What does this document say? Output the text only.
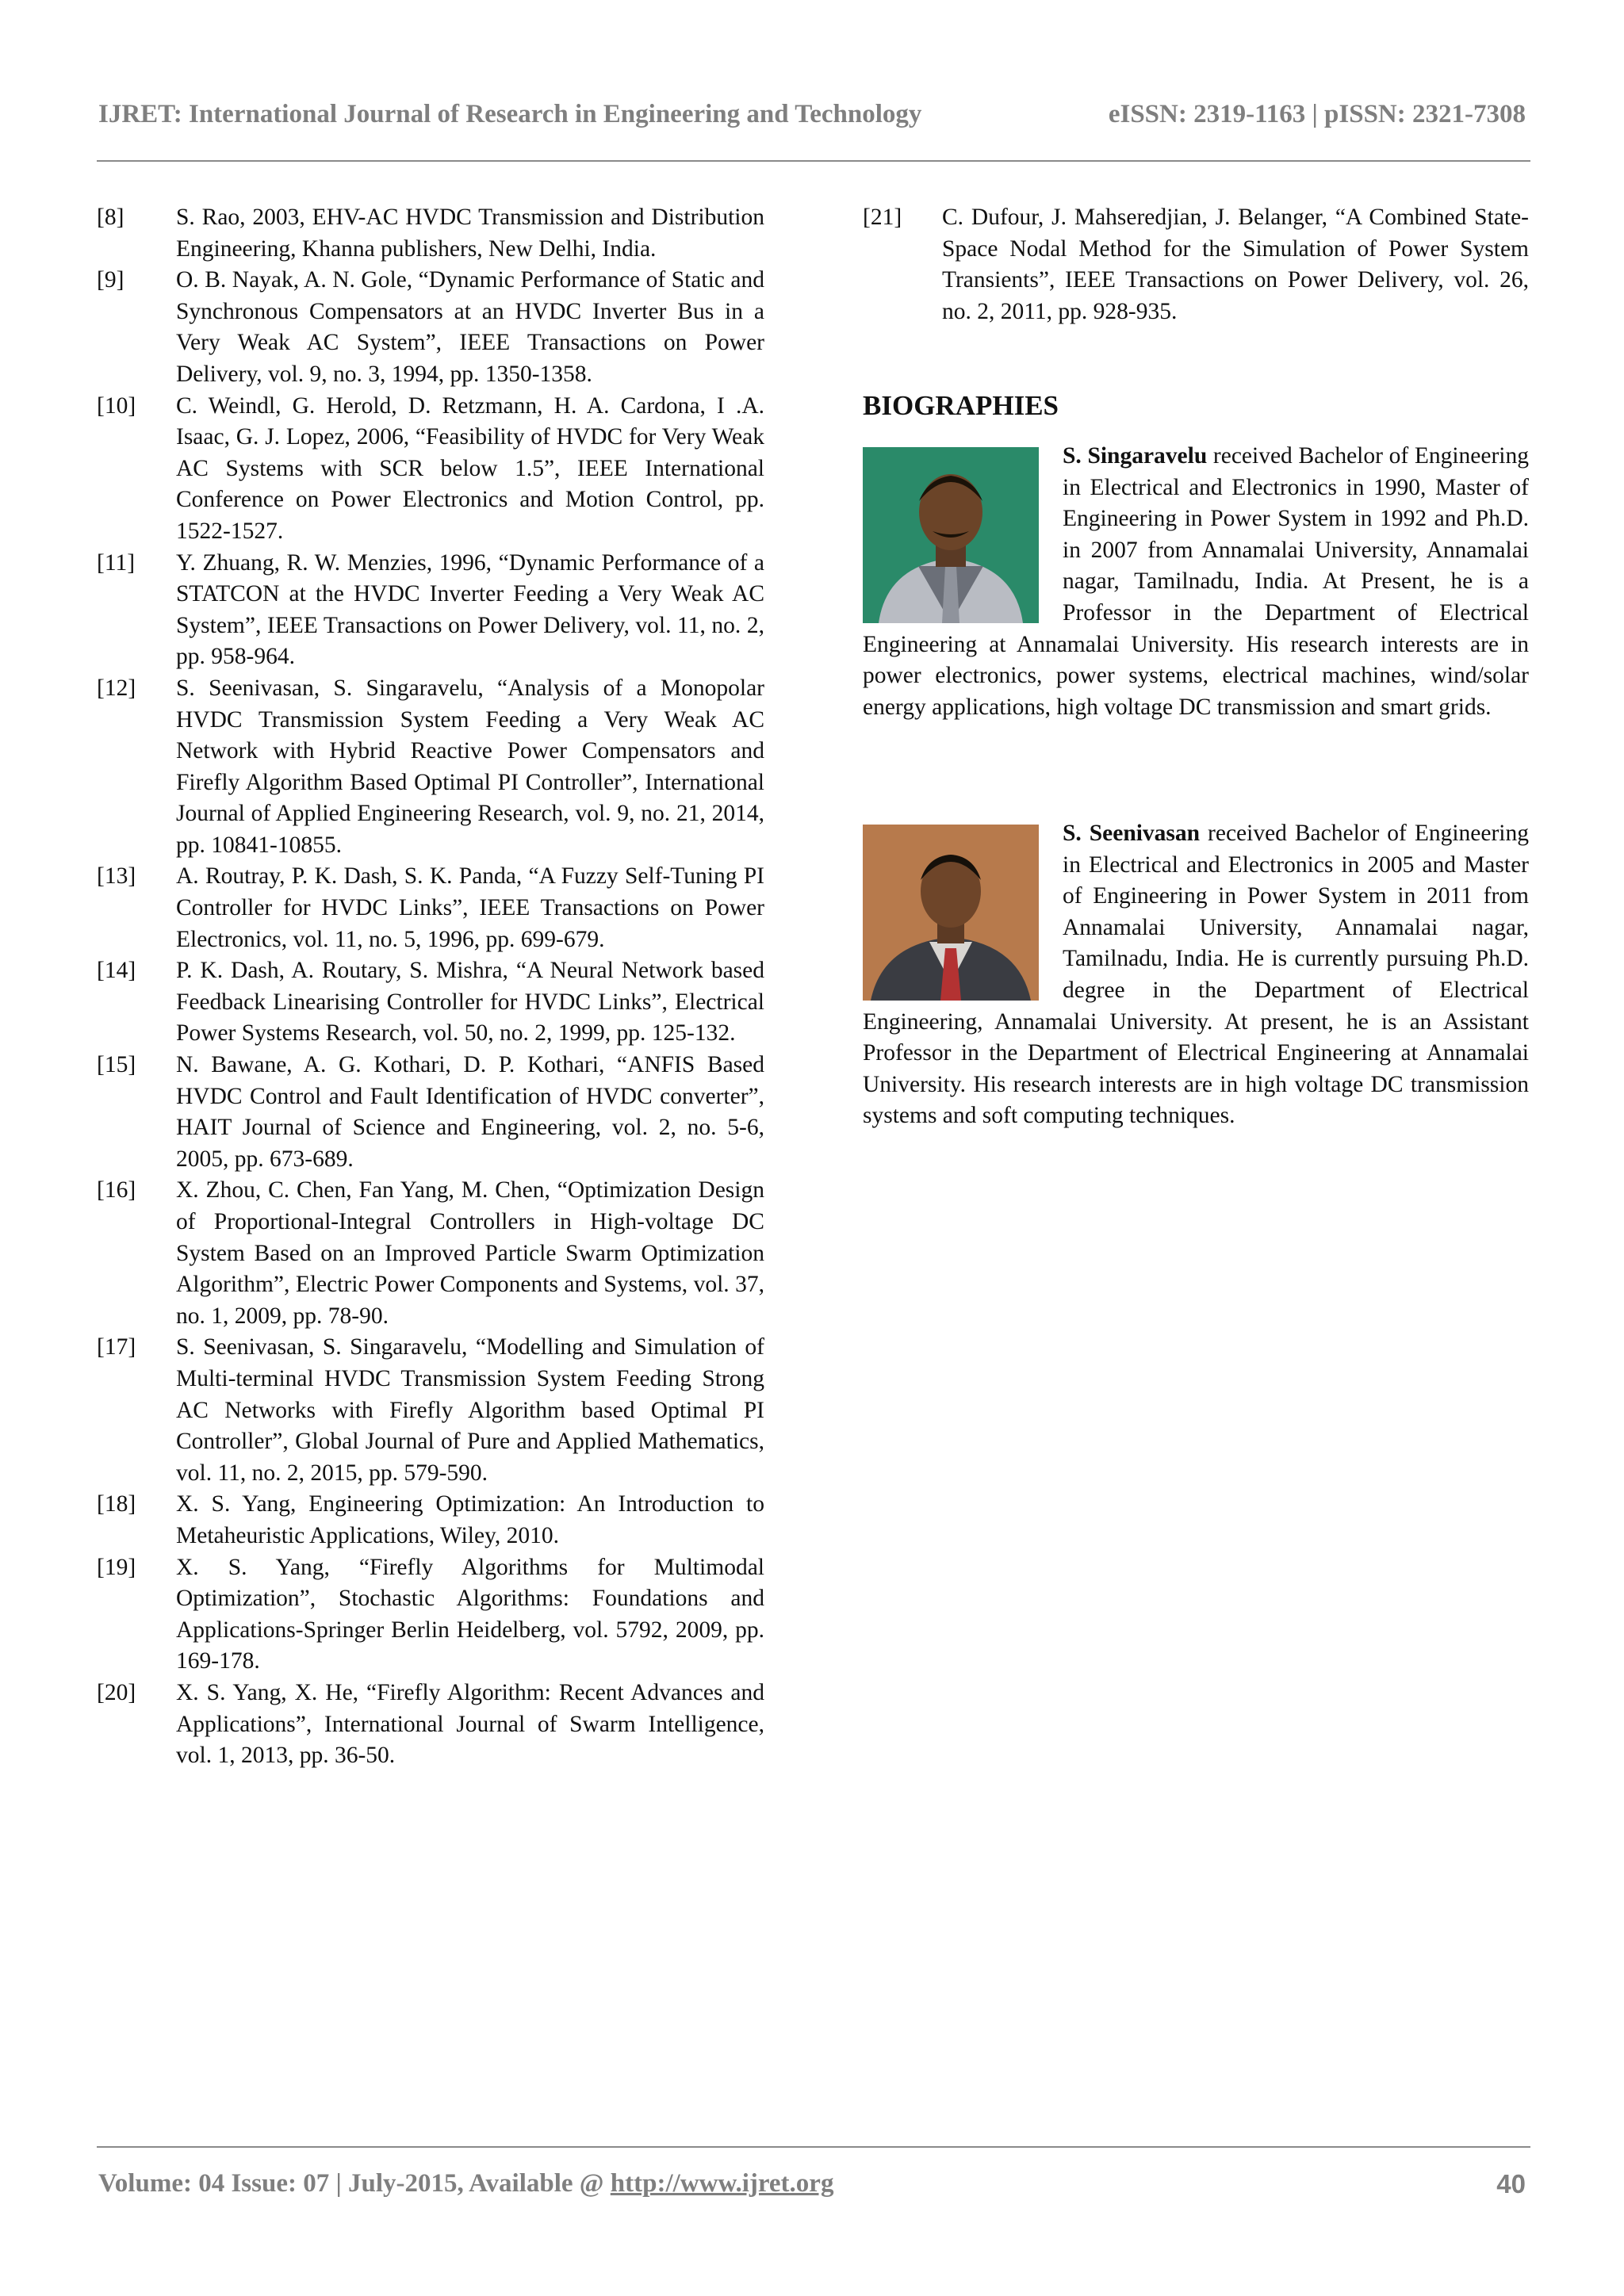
IJRET: International Journal of Research in Engineering and Technology	eISSN: 2319-1163 | pISSN: 2321-7308
[8]	S. Rao, 2003, EHV-AC HVDC Transmission and Distribution Engineering, Khanna publishers, New Delhi, India.
[9]	O. B. Nayak, A. N. Gole, “Dynamic Performance of Static and Synchronous Compensators at an HVDC Inverter Bus in a Very Weak AC System”, IEEE Transactions on Power Delivery, vol. 9, no. 3, 1994, pp. 1350-1358.
[10]	C. Weindl, G. Herold, D. Retzmann, H. A. Cardona, I .A. Isaac, G. J. Lopez, 2006, “Feasibility of HVDC for Very Weak AC Systems with SCR below 1.5”, IEEE International Conference on Power Electronics and Motion Control, pp. 1522-1527.
[11]	Y. Zhuang, R. W. Menzies, 1996, “Dynamic Performance of a STATCON at the HVDC Inverter Feeding a Very Weak AC System”, IEEE Transactions on Power Delivery, vol. 11, no. 2, pp. 958-964.
[12]	S. Seenivasan, S. Singaravelu, “Analysis of a Monopolar HVDC Transmission System Feeding a Very Weak AC Network with Hybrid Reactive Power Compensators and Firefly Algorithm Based Optimal PI Controller”, International Journal of Applied Engineering Research, vol. 9, no. 21, 2014, pp. 10841-10855.
[13]	A. Routray, P. K. Dash, S. K. Panda, “A Fuzzy Self-Tuning PI Controller for HVDC Links”, IEEE Transactions on Power Electronics, vol. 11, no. 5, 1996, pp. 699-679.
[14]	P. K. Dash, A. Routary, S. Mishra, “A Neural Network based Feedback Linearising Controller for HVDC Links”, Electrical Power Systems Research, vol. 50, no. 2, 1999, pp. 125-132.
[15]	N. Bawane, A. G. Kothari, D. P. Kothari, “ANFIS Based HVDC Control and Fault Identification of HVDC converter”, HAIT Journal of Science and Engineering, vol. 2, no. 5-6, 2005, pp. 673-689.
[16]	X. Zhou, C. Chen, Fan Yang, M. Chen, “Optimization Design of Proportional-Integral Controllers in High-voltage DC System Based on an Improved Particle Swarm Optimization Algorithm”, Electric Power Components and Systems, vol. 37, no. 1, 2009, pp. 78-90.
[17]	S. Seenivasan, S. Singaravelu, “Modelling and Simulation of Multi-terminal HVDC Transmission System Feeding Strong AC Networks with Firefly Algorithm based Optimal PI Controller”, Global Journal of Pure and Applied Mathematics, vol. 11, no. 2, 2015, pp. 579-590.
[18]	X. S. Yang, Engineering Optimization: An Introduction to Metaheuristic Applications, Wiley, 2010.
[19]	X. S. Yang, “Firefly Algorithms for Multimodal Optimization”, Stochastic Algorithms: Foundations and Applications-Springer Berlin Heidelberg, vol. 5792, 2009, pp. 169-178.
[20]	X. S. Yang, X. He, “Firefly Algorithm: Recent Advances and Applications”, International Journal of Swarm Intelligence, vol. 1, 2013, pp. 36-50.
[21]	C. Dufour, J. Mahseredjian, J. Belanger, “A Combined State-Space Nodal Method for the Simulation of Power System Transients”, IEEE Transactions on Power Delivery, vol. 26, no. 2, 2011, pp. 928-935.
BIOGRAPHIES
S. Singaravelu received Bachelor of Engineering in Electrical and Electronics in 1990, Master of Engineering in Power System in 1992 and Ph.D. in 2007 from Annamalai University, Annamalai nagar, Tamilnadu, India. At Present, he is a Professor in the Department of Electrical Engineering at Annamalai University. His research interests are in power electronics, power systems, electrical machines, wind/solar energy applications, high voltage DC transmission and smart grids.
S. Seenivasan received Bachelor of Engineering in Electrical and Electronics in 2005 and Master of Engineering in Power System in 2011 from Annamalai University, Annamalai nagar, Tamilnadu, India. He is currently pursuing Ph.D. degree in the Department of Electrical Engineering, Annamalai University. At present, he is an Assistant Professor in the Department of Electrical Engineering at Annamalai University. His research interests are in high voltage DC transmission systems and soft computing techniques.
Volume: 04 Issue: 07 | July-2015, Available @ http://www.ijret.org	40
